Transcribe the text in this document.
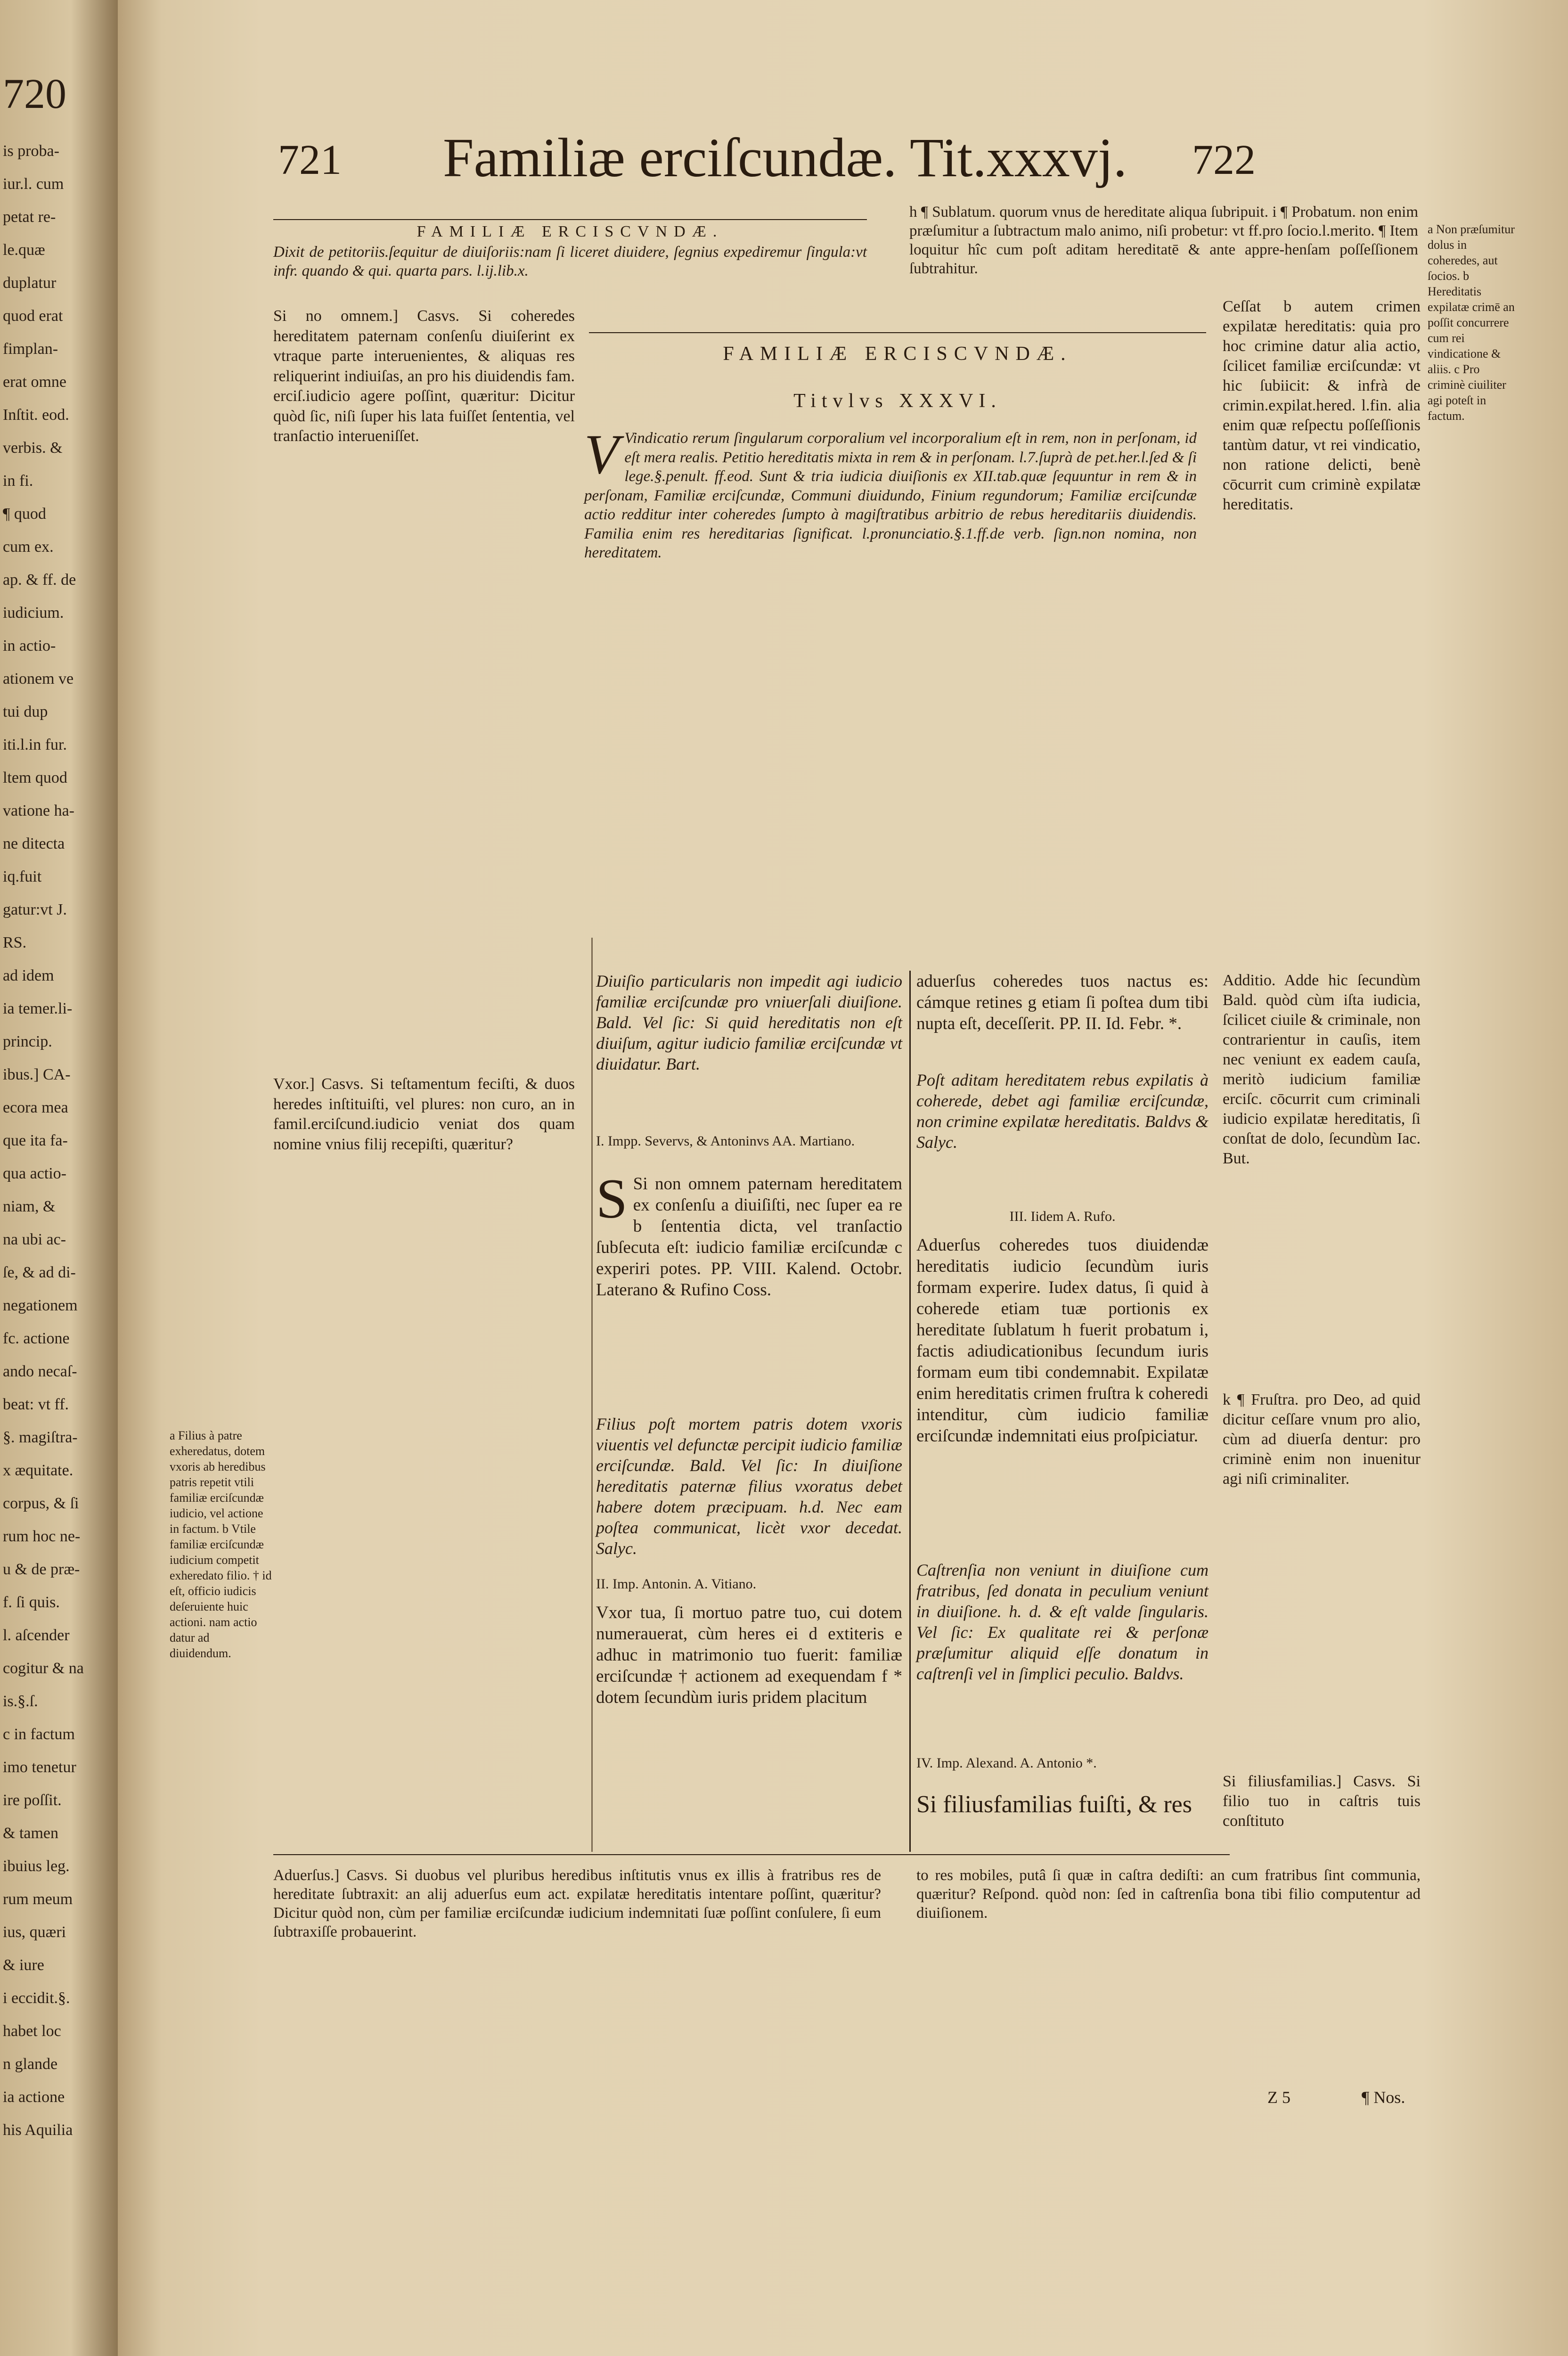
720
is proba-
iur.l. cum
petat re-
le.quæ
duplatur
quod erat
fimplan-
erat omne
Inſtit. eod.
verbis. &
in fi.
¶ quod
cum ex.
ap. & ff. de
iudicium.
in actio-
ationem ve
tui dup
iti.l.in fur.
ltem quod
vatione ha-
ne ditecta
iq.fuit
gatur:vt J.
RS.
ad idem
ia temer.li-
princip.
ibus.] CA-
ecora mea
que ita fa-
qua actio-
niam, &
na ubi ac-
ſe, & ad di-
negationem
fc. actione
ando necaſ-
beat: vt ff.
§. magiſtra-
x æquitate.
corpus, & ſi
rum hoc ne-
u & de præ-
f. ſi quis.
l. aſcender
cogitur & na
is.§.ſ.
c in factum
imo tenetur
ire poſſit.
& tamen
ibuius leg.
rum meum
ius, quæri
& iure
i eccidit.§.
habet loc
n glande
ia actione
his Aquilia
721 Familiæ erciſcundæ. Tit.xxxvj. 722
FAMILIÆ ERCISCVNDÆ.
Dixit de petitoriis.ſequitur de diuiſoriis:nam ſi liceret diuidere, ſegnius expediremur ſingula:vt infr. quando & qui. quarta pars. l.ij.lib.x.
Si no omnem.] Casvs. Si coheredes hereditatem paternam conſenſu diuiſerint ex vtraque parte interuenientes, & aliquas res reliquerint indiuiſas, an pro his diuidendis fam. erciſ.iudicio agere poſſint, quæritur: Dicitur quòd ſic, niſi ſuper his lata fuiſſet ſententia, vel tranſactio interueniſſet.
Vxor.] Casvs. Si teſtamentum feciſti, & duos heredes inſtituiſti, vel plures: non curo, an in famil.erciſcund.iudicio veniat dos quam nomine vnius filij recepiſti, quæritur?
a Filius à patre exheredatus, dotem vxoris ab heredibus patris repetit vtili familiæ erciſcundæ iudicio, vel actione in factum. b Vtile familiæ erciſcundæ iudicium competit exheredato filio. † id eſt, officio iudicis deſeruiente huic actioni. nam actio datur ad diuidendum.
Aduerſus.] Casvs. Si duobus vel pluribus heredibus inſtitutis vnus ex illis à fratribus res de hereditate ſubtraxit: an alij aduerſus eum act. expilatæ hereditatis intentare poſſint, quæritur? Dicitur quòd non, cùm per familiæ erciſcundæ iudicium indemnitati ſuæ poſſint conſulere, ſi eum ſubtraxiſſe probauerint.
FAMILIÆ ERCISCVNDÆ.
Titvlvs XXXVI.
V Vindicatio rerum ſingularum corporalium vel incorporalium eſt in rem, non in perſonam, id eſt mera realis. Petitio hereditatis mixta in rem & in perſonam. l.7.ſuprà de pet.her.l.ſed & ſi lege.§.penult. ff.eod. Sunt & tria iudicia diuiſionis ex XII.tab.quæ ſequuntur in rem & in perſonam, Familiæ erciſcundæ, Communi diuidundo, Finium regundorum; Familiæ erciſcundæ actio redditur inter coheredes ſumpto à magiſtratibus arbitrio de rebus hereditariis diuidendis. Familia enim res hereditarias ſignificat. l.pronunciatio.§.1.ff.de verb. ſign.non nomina, non hereditatem.
Diuiſio particularis non impedit agi iudicio familiæ erciſcundæ pro vniuerſali diuiſione. Bald. Vel ſic: Si quid hereditatis non eſt diuiſum, agitur iudicio familiæ erciſcundæ vt diuidatur. Bart.
I. Impp. Severvs, & Antoninvs AA. Martiano.
S Si non omnem paternam hereditatem ex conſenſu a diuiſiſti, nec ſuper ea re b ſententia dicta, vel tranſactio ſubſecuta eſt: iudicio familiæ erciſcundæ c experiri potes. PP. VIII. Kalend. Octobr. Laterano & Rufino Coss.
Filius poſt mortem patris dotem vxoris viuentis vel defunctæ percipit iudicio familiæ erciſcundæ. Bald. Vel ſic: In diuiſione hereditatis paternæ filius vxoratus debet habere dotem præcipuam. h.d. Nec eam poſtea communicat, licèt vxor decedat. Salyc.
II. Imp. Antonin. A. Vitiano.
Vxor tua, ſi mortuo patre tuo, cui dotem numerauerat, cùm heres ei d extiteris e adhuc in matrimonio tuo fuerit: familiæ erciſcundæ † actionem ad exequendam f * dotem ſecundùm iuris pridem placitum
aduerſus coheredes tuos nactus es: cámque retines g etiam ſi poſtea dum tibi nupta eſt, deceſſerit. PP. II. Id. Febr. *.
Poſt aditam hereditatem rebus expilatis à coherede, debet agi familiæ erciſcundæ, non crimine expilatæ hereditatis. Baldvs & Salyc.
III. Iidem A. Rufo.
Aduerſus coheredes tuos diuidendæ hereditatis iudicio ſecundùm iuris formam experire. Iudex datus, ſi quid à coherede etiam tuæ portionis ex hereditate ſublatum h fuerit probatum i, factis adiudicationibus ſecundum iuris formam eum tibi condemnabit. Expilatæ enim hereditatis crimen fruſtra k coheredi intenditur, cùm iudicio familiæ erciſcundæ indemnitati eius proſpiciatur.
Caſtrenſia non veniunt in diuiſione cum fratribus, ſed donata in peculium veniunt in diuiſione. h. d. & eſt valde ſingularis. Vel ſic: Ex qualitate rei & perſonæ præſumitur aliquid eſſe donatum in caſtrenſi vel in ſimplici peculio. Baldvs.
IV. Imp. Alexand. A. Antonio *.
Si filiusfamilias fuiſti, & res
to res mobiles, putâ ſi quæ in caſtra dediſti: an cum fratribus ſint communia, quæritur? Reſpond. quòd non: ſed in caſtrenſia bona tibi filio computentur ad diuiſionem.
h ¶ Sublatum. quorum vnus de hereditate aliqua ſubripuit. i ¶ Probatum. non enim præſumitur a ſubtractum malo animo, niſi probetur: vt ff.pro ſocio.l.merito. ¶ Item loquitur hîc cum poſt aditam hereditatē & ante appre-henſam poſſeſſionem ſubtrahitur.
Ceſſat b autem crimen expilatæ hereditatis: quia pro hoc crimine datur alia actio, ſcilicet familiæ erciſcundæ: vt hic ſubiicit: & infrà de crimin.expilat.hered. l.fin. alia enim quæ reſpectu poſſeſſionis tantùm datur, vt rei vindicatio, non ratione delicti, benè cōcurrit cum criminè expilatæ hereditatis.
Additio. Adde hic ſecundùm Bald. quòd cùm iſta iudicia, ſcilicet ciuile & criminale, non contrarientur in cauſis, item nec veniunt ex eadem cauſa, meritò iudicium familiæ erciſc. cōcurrit cum criminali iudicio expilatæ hereditatis, ſi conſtat de dolo, ſecundùm Iac. But.
k ¶ Fruſtra. pro Deo, ad quid dicitur ceſſare vnum pro alio, cùm ad diuerſa dentur: pro criminè enim non inuenitur agi niſi criminaliter.
Si filiusfamilias.] Casvs. Si filio tuo in caſtris tuis conſtituto
a Non præſumitur dolus in coheredes, aut ſocios. b Hereditatis expilatæ crimē an poſſit concurrere cum rei vindicatione & aliis. c Pro criminè ciuiliter agi poteſt in factum.
Z 5	¶ Nos.
